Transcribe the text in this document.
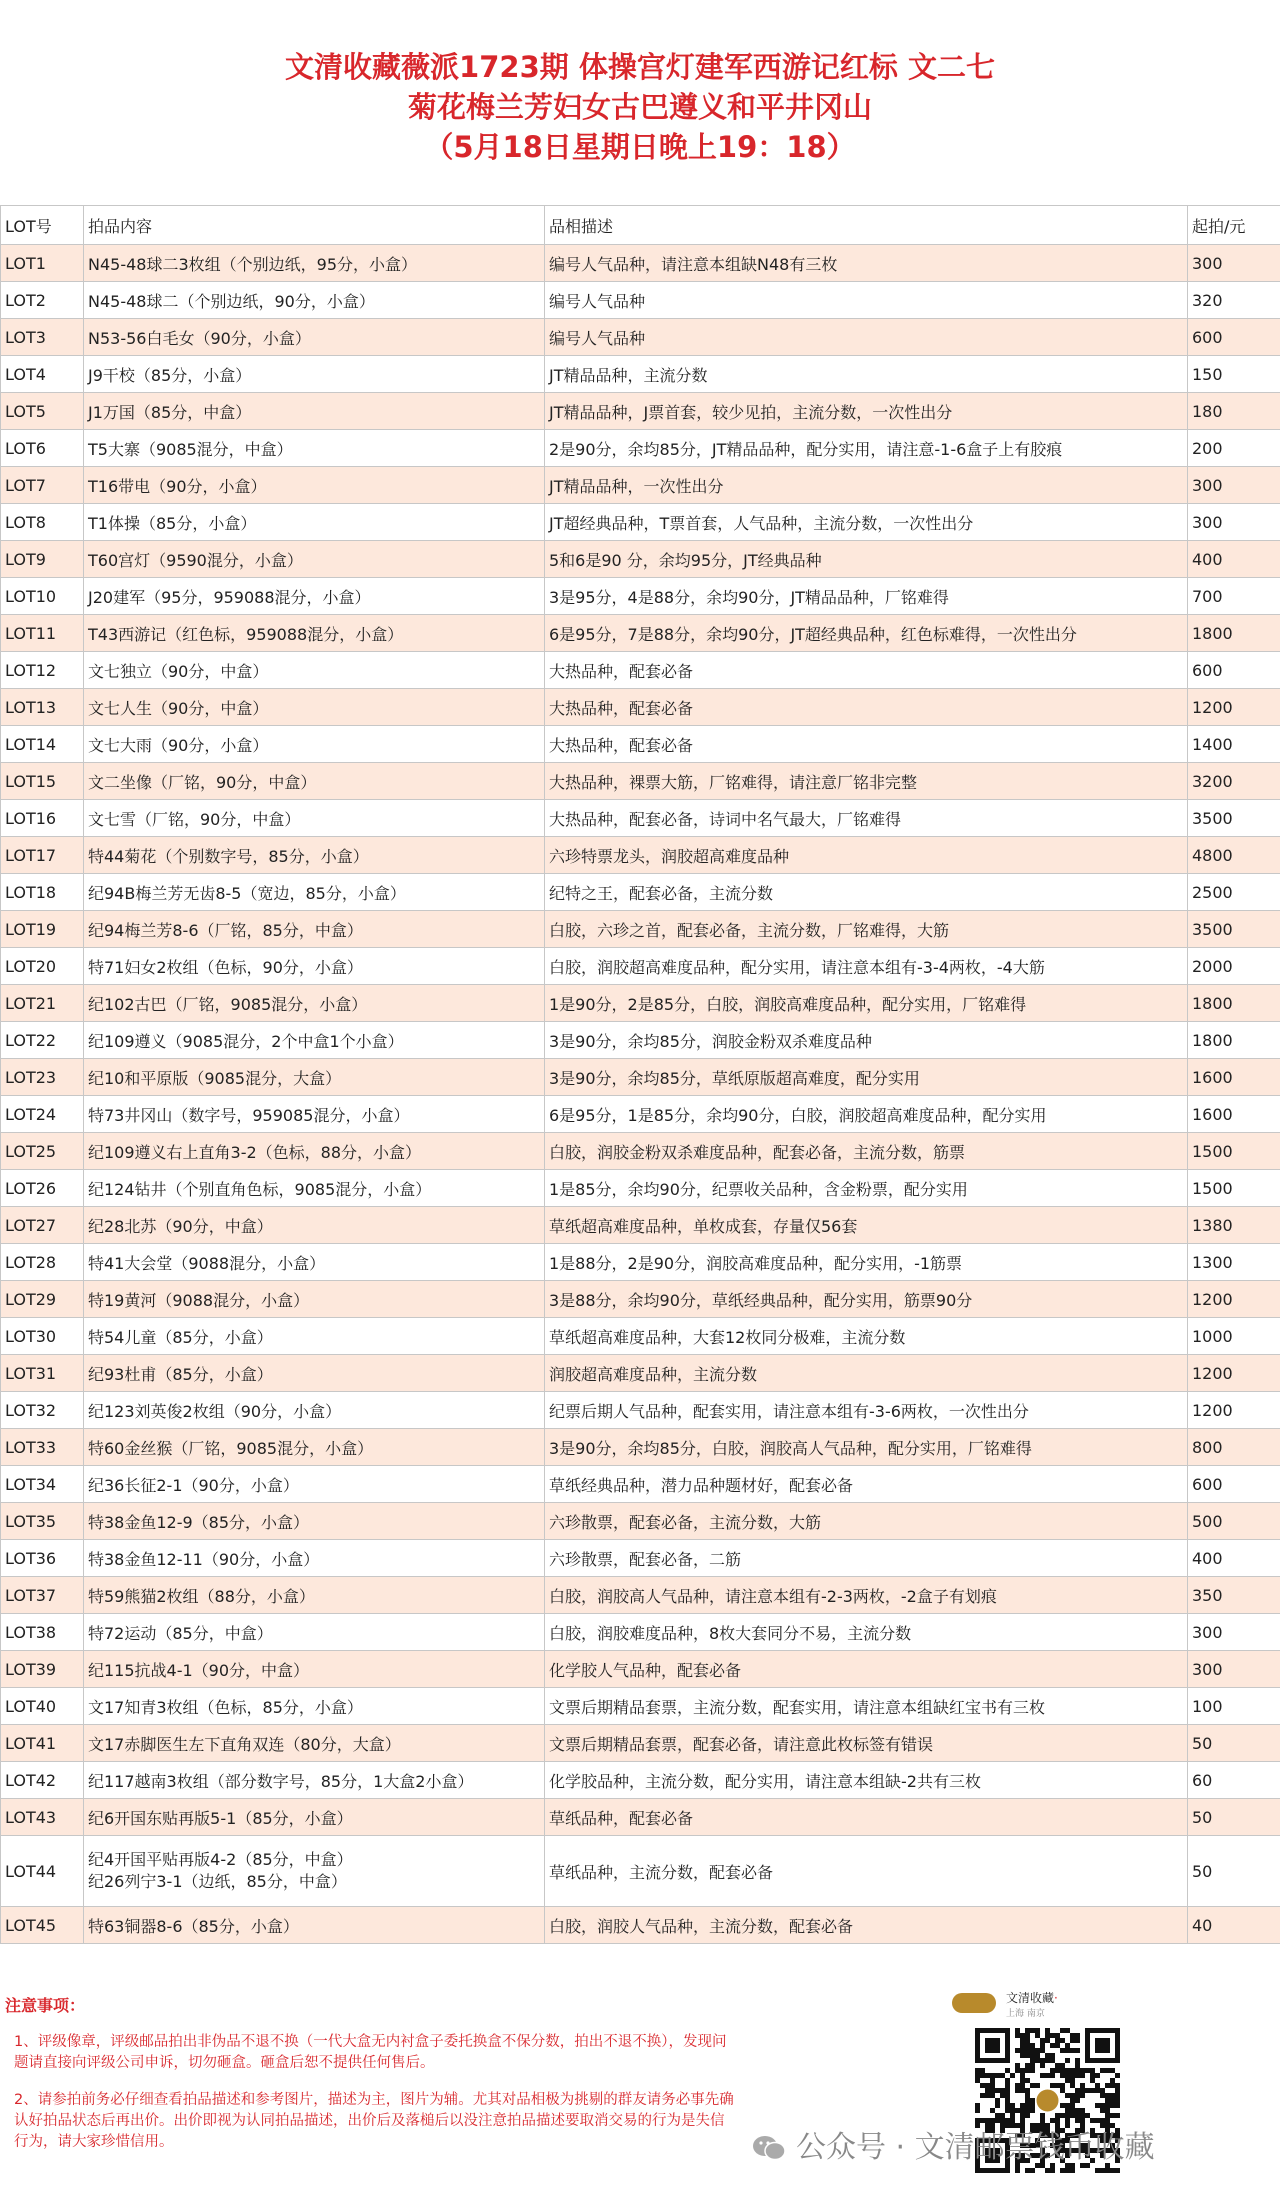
文清收藏薇派1723期 体操宫灯建军西游记红标 文二七
菊花梅兰芳妇女古巴遵义和平井冈山
（5月18日星期日晚上19：18）
LOT号	拍品内容	品相描述	起拍/元
LOT1	N45-48球二3枚组（个别边纸，95分，小盒）	编号人气品种，请注意本组缺N48有三枚	300
LOT2	N45-48球二（个别边纸，90分，小盒）	编号人气品种	320
LOT3	N53-56白毛女（90分，小盒）	编号人气品种	600
LOT4	J9干校（85分，小盒）	JT精品品种，主流分数	150
LOT5	J1万国（85分，中盒）	JT精品品种，J票首套，较少见拍，主流分数，一次性出分	180
LOT6	T5大寨（9085混分，中盒）	2是90分，余均85分，JT精品品种，配分实用，请注意-1-6盒子上有胶痕	200
LOT7	T16带电（90分，小盒）	JT精品品种，一次性出分	300
LOT8	T1体操（85分，小盒）	JT超经典品种，T票首套，人气品种，主流分数，一次性出分	300
LOT9	T60宫灯（9590混分，小盒）	5和6是90 分，余均95分，JT经典品种	400
LOT10	J20建军（95分，959088混分，小盒）	3是95分，4是88分，余均90分，JT精品品种，厂铭难得	700
LOT11	T43西游记（红色标，959088混分，小盒）	6是95分，7是88分，余均90分，JT超经典品种，红色标难得，一次性出分	1800
LOT12	文七独立（90分，中盒）	大热品种，配套必备	600
LOT13	文七人生（90分，中盒）	大热品种，配套必备	1200
LOT14	文七大雨（90分，小盒）	大热品种，配套必备	1400
LOT15	文二坐像（厂铭，90分，中盒）	大热品种，裸票大筋，厂铭难得，请注意厂铭非完整	3200
LOT16	文七雪（厂铭，90分，中盒）	大热品种，配套必备，诗词中名气最大，厂铭难得	3500
LOT17	特44菊花（个别数字号，85分，小盒）	六珍特票龙头，润胶超高难度品种	4800
LOT18	纪94B梅兰芳无齿8-5（宽边，85分，小盒）	纪特之王，配套必备，主流分数	2500
LOT19	纪94梅兰芳8-6（厂铭，85分，中盒）	白胶，六珍之首，配套必备，主流分数，厂铭难得，大筋	3500
LOT20	特71妇女2枚组（色标，90分，小盒）	白胶，润胶超高难度品种，配分实用，请注意本组有-3-4两枚，-4大筋	2000
LOT21	纪102古巴（厂铭，9085混分，小盒）	1是90分，2是85分，白胶，润胶高难度品种，配分实用，厂铭难得	1800
LOT22	纪109遵义（9085混分，2个中盒1个小盒）	3是90分，余均85分，润胶金粉双杀难度品种	1800
LOT23	纪10和平原版（9085混分，大盒）	3是90分，余均85分，草纸原版超高难度，配分实用	1600
LOT24	特73井冈山（数字号，959085混分，小盒）	6是95分，1是85分，余均90分，白胶，润胶超高难度品种，配分实用	1600
LOT25	纪109遵义右上直角3-2（色标，88分，小盒）	白胶，润胶金粉双杀难度品种，配套必备，主流分数，筋票	1500
LOT26	纪124钻井（个别直角色标，9085混分，小盒）	1是85分，余均90分，纪票收关品种，含金粉票，配分实用	1500
LOT27	纪28北苏（90分，中盒）	草纸超高难度品种，单枚成套，存量仅56套	1380
LOT28	特41大会堂（9088混分，小盒）	1是88分，2是90分，润胶高难度品种，配分实用，-1筋票	1300
LOT29	特19黄河（9088混分，小盒）	3是88分，余均90分，草纸经典品种，配分实用，筋票90分	1200
LOT30	特54儿童（85分，小盒）	草纸超高难度品种，大套12枚同分极难，主流分数	1000
LOT31	纪93杜甫（85分，小盒）	润胶超高难度品种，主流分数	1200
LOT32	纪123刘英俊2枚组（90分，小盒）	纪票后期人气品种，配套实用，请注意本组有-3-6两枚，一次性出分	1200
LOT33	特60金丝猴（厂铭，9085混分，小盒）	3是90分，余均85分，白胶，润胶高人气品种，配分实用，厂铭难得	800
LOT34	纪36长征2-1（90分，小盒）	草纸经典品种，潜力品种题材好，配套必备	600
LOT35	特38金鱼12-9（85分，小盒）	六珍散票，配套必备，主流分数，大筋	500
LOT36	特38金鱼12-11（90分，小盒）	六珍散票，配套必备，二筋	400
LOT37	特59熊猫2枚组（88分，小盒）	白胶，润胶高人气品种，请注意本组有-2-3两枚，-2盒子有划痕	350
LOT38	特72运动（85分，中盒）	白胶，润胶难度品种，8枚大套同分不易，主流分数	300
LOT39	纪115抗战4-1（90分，中盒）	化学胶人气品种，配套必备	300
LOT40	文17知青3枚组（色标，85分，小盒）	文票后期精品套票，主流分数，配套实用，请注意本组缺红宝书有三枚	100
LOT41	文17赤脚医生左下直角双连（80分，大盒）	文票后期精品套票，配套必备，请注意此枚标签有错误	50
LOT42	纪117越南3枚组（部分数字号，85分，1大盒2小盒）	化学胶品种，主流分数，配分实用，请注意本组缺-2共有三枚	60
LOT43	纪6开国东贴再版5-1（85分，小盒）	草纸品种，配套必备	50
LOT44	纪4开国平贴再版4-2（85分，中盒）
纪26列宁3-1（边纸，85分，中盒）	草纸品种，主流分数，配套必备	50
LOT45	特63铜器8-6（85分，小盒）	白胶，润胶人气品种，主流分数，配套必备	40
注意事项：

1、评级像章，评级邮品拍出非伪品不退不换（一代大盒无内衬盒子委托换盒不保分数，拍出不退不换），发现问题请直接向评级公司申诉，切勿砸盒。砸盒后恕不提供任何售后。

2、请参拍前务必仔细查看拍品描述和参考图片，描述为主，图片为辅。尤其对品相极为挑剔的群友请务必事先确认好拍品状态后再出价。出价即视为认同拍品描述，出价后及落槌后以没注意拍品描述要取消交易的行为是失信行为，请大家珍惜信用。

文清收藏·
上海 南京
公众号 · 文清邮票钱币收藏
